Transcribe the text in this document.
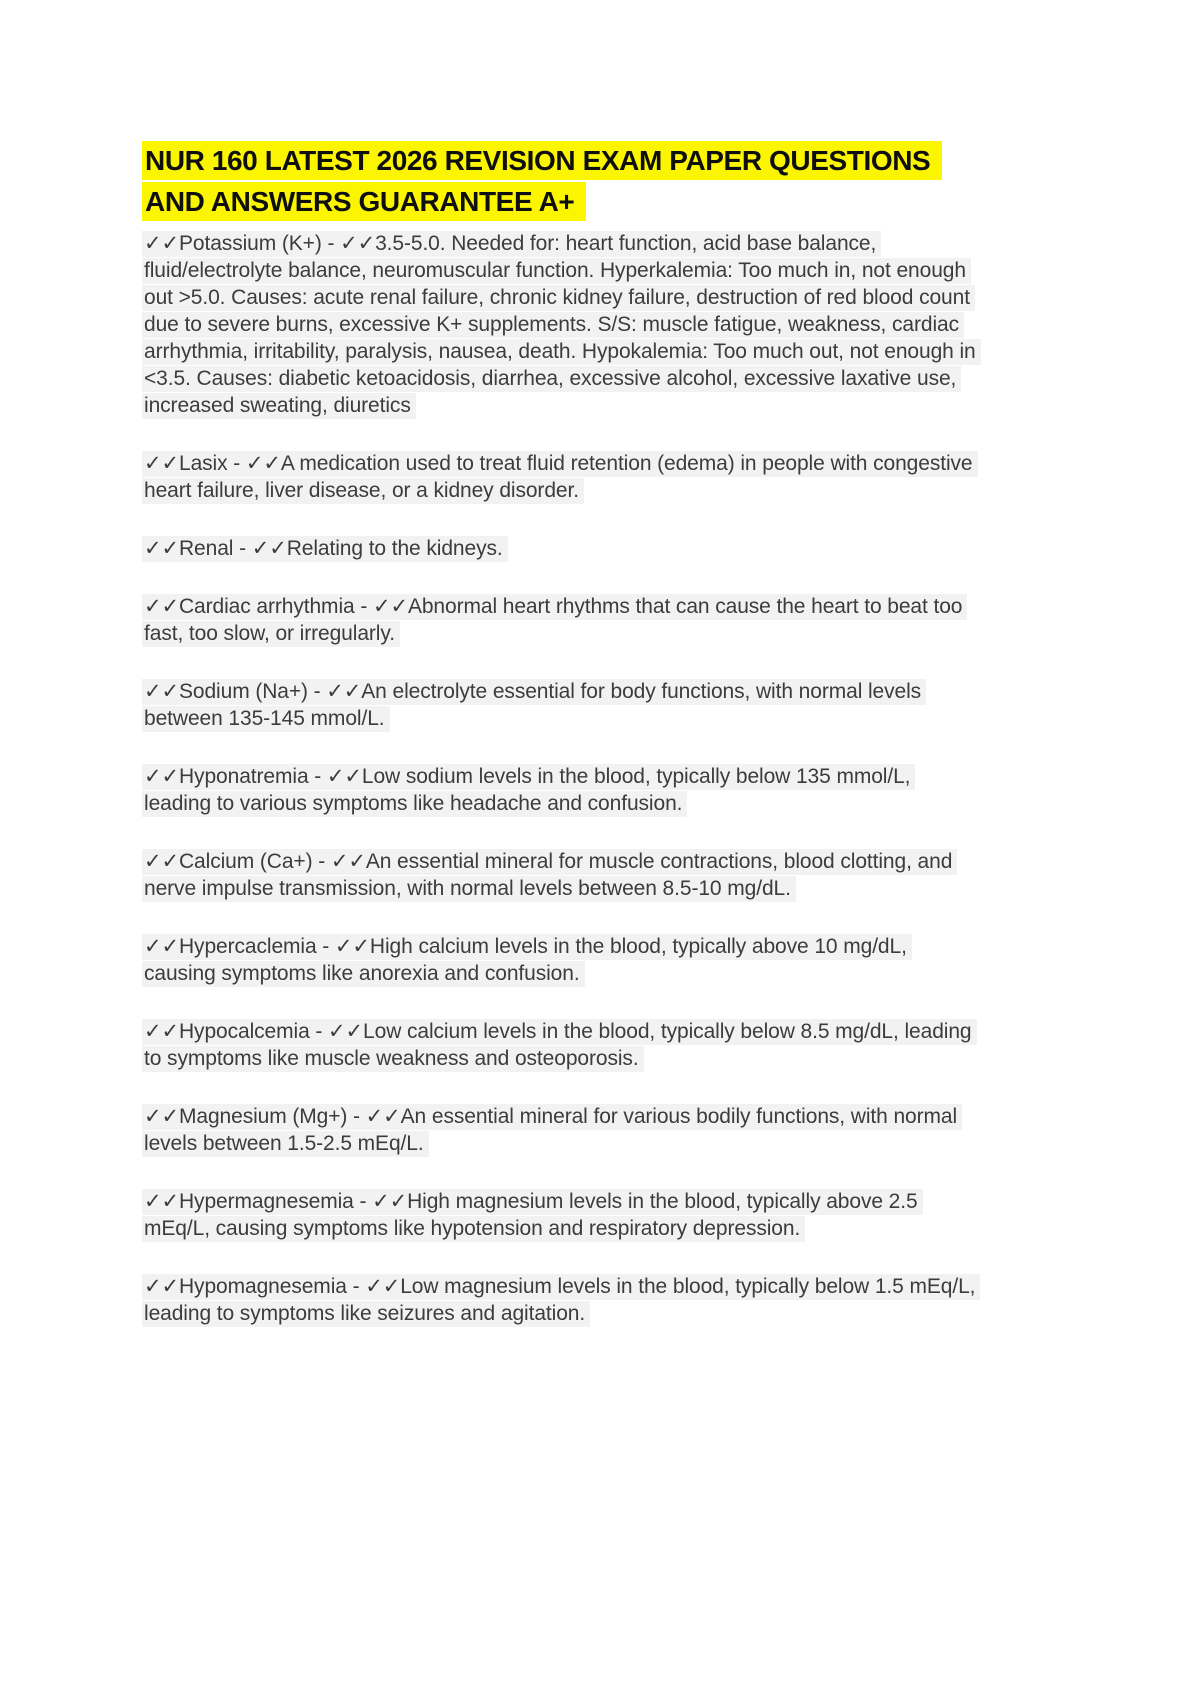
NUR 160 LATEST 2026 REVISION EXAM PAPER QUESTIONS
AND ANSWERS GUARANTEE A+

✓✓Potassium (K+) - ✓✓3.5-5.0. Needed for: heart function, acid base balance, fluid/electrolyte balance, neuromuscular function. Hyperkalemia: Too much in, not enough out >5.0. Causes: acute renal failure, chronic kidney failure, destruction of red blood count due to severe burns, excessive K+ supplements. S/S: muscle fatigue, weakness, cardiac arrhythmia, irritability, paralysis, nausea, death. Hypokalemia: Too much out, not enough in <3.5. Causes: diabetic ketoacidosis, diarrhea, excessive alcohol, excessive laxative use, increased sweating, diuretics

✓✓Lasix - ✓✓A medication used to treat fluid retention (edema) in people with congestive heart failure, liver disease, or a kidney disorder.

✓✓Renal - ✓✓Relating to the kidneys.

✓✓Cardiac arrhythmia - ✓✓Abnormal heart rhythms that can cause the heart to beat too fast, too slow, or irregularly.

✓✓Sodium (Na+) - ✓✓An electrolyte essential for body functions, with normal levels between 135-145 mmol/L.

✓✓Hyponatremia - ✓✓Low sodium levels in the blood, typically below 135 mmol/L, leading to various symptoms like headache and confusion.

✓✓Calcium (Ca+) - ✓✓An essential mineral for muscle contractions, blood clotting, and nerve impulse transmission, with normal levels between 8.5-10 mg/dL.

✓✓Hypercaclemia - ✓✓High calcium levels in the blood, typically above 10 mg/dL, causing symptoms like anorexia and confusion.

✓✓Hypocalcemia - ✓✓Low calcium levels in the blood, typically below 8.5 mg/dL, leading to symptoms like muscle weakness and osteoporosis.

✓✓Magnesium (Mg+) - ✓✓An essential mineral for various bodily functions, with normal levels between 1.5-2.5 mEq/L.

✓✓Hypermagnesemia - ✓✓High magnesium levels in the blood, typically above 2.5 mEq/L, causing symptoms like hypotension and respiratory depression.

✓✓Hypomagnesemia - ✓✓Low magnesium levels in the blood, typically below 1.5 mEq/L, leading to symptoms like seizures and agitation.
